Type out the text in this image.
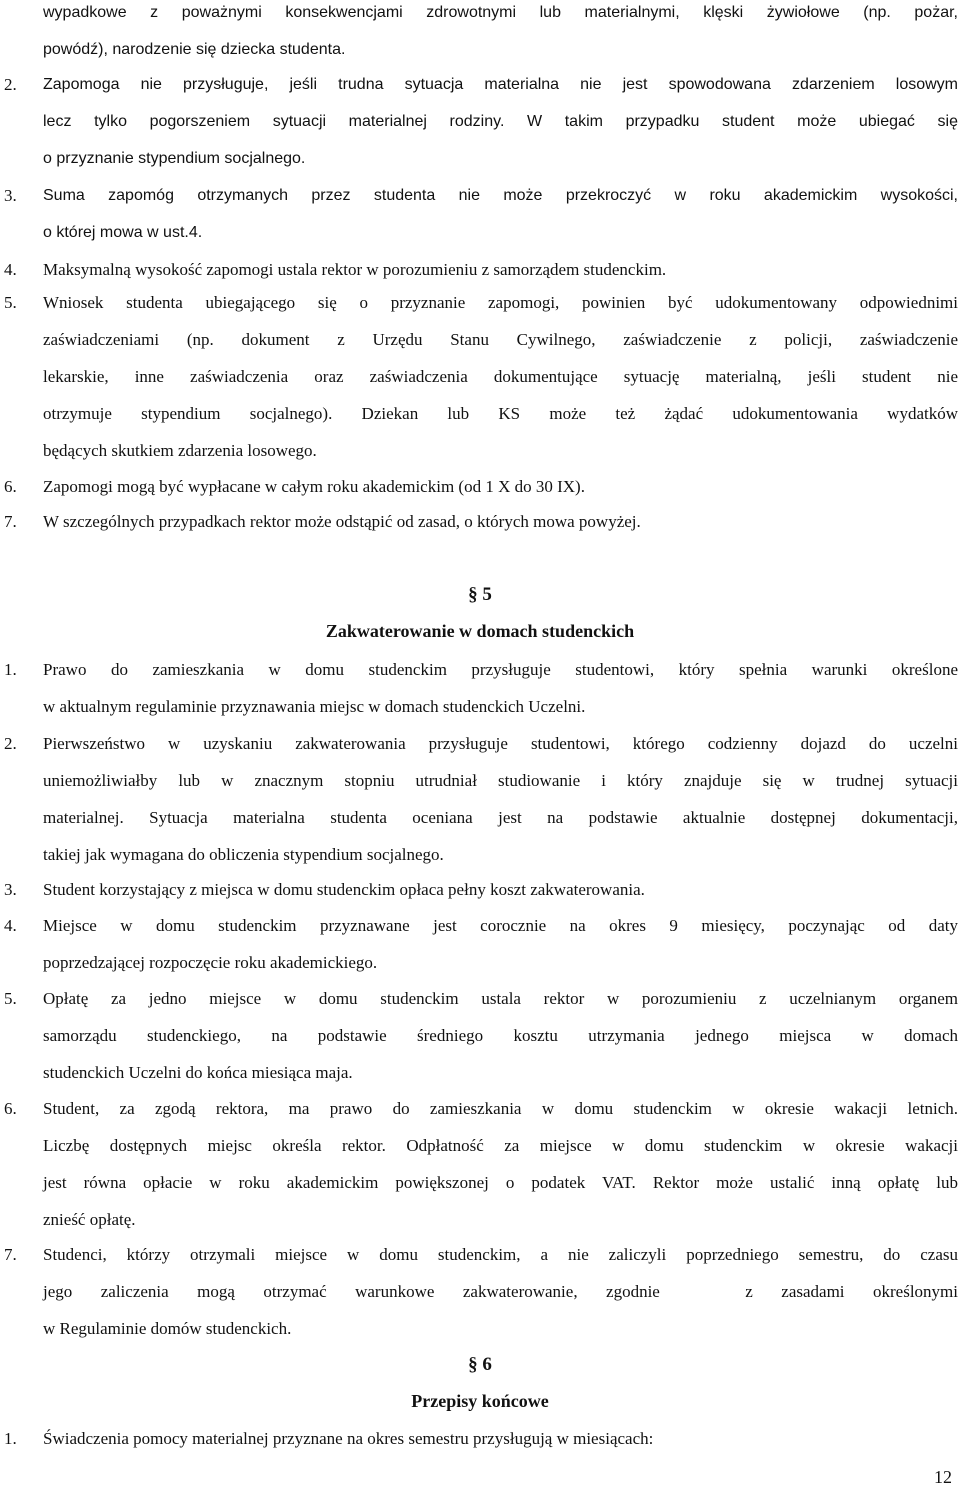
wypadkowe z poważnymi konsekwencjami zdrowotnymi lub materialnymi, klęski żywiołowe (np. pożar,
powódź), narodzenie się dziecka studenta.
2. Zapomoga nie przysługuje, jeśli trudna sytuacja materialna nie jest spowodowana zdarzeniem losowym
lecz tylko pogorszeniem sytuacji materialnej rodziny. W takim przypadku student może ubiegać się
o przyznanie stypendium socjalnego.
3. Suma zapomóg otrzymanych przez studenta nie może przekroczyć w roku akademickim wysokości,
o której mowa w ust.4.
4. Maksymalną wysokość zapomogi ustala rektor w porozumieniu z samorządem studenckim.
5. Wniosek studenta ubiegającego się o przyznanie zapomogi, powinien być udokumentowany odpowiednimi
zaświadczeniami (np. dokument z Urzędu Stanu Cywilnego, zaświadczenie z policji, zaświadczenie
lekarskie, inne zaświadczenia oraz zaświadczenia dokumentujące sytuację materialną, jeśli student nie
otrzymuje stypendium socjalnego). Dziekan lub KS może też żądać udokumentowania wydatków
będących skutkiem zdarzenia losowego.
6. Zapomogi mogą być wypłacane w całym roku akademickim (od 1 X do 30 IX).
7. W szczególnych przypadkach rektor może odstąpić od zasad, o których mowa powyżej.
§ 5
Zakwaterowanie w domach studenckich
1. Prawo do zamieszkania w domu studenckim przysługuje studentowi, który spełnia warunki określone
w aktualnym regulaminie przyznawania miejsc w domach studenckich Uczelni.
2. Pierwszeństwo w uzyskaniu zakwaterowania przysługuje studentowi, którego codzienny dojazd do uczelni
uniemożliwiałby lub w znacznym stopniu utrudniał studiowanie i który znajduje się w trudnej sytuacji
materialnej. Sytuacja materialna studenta oceniana jest na podstawie aktualnie dostępnej dokumentacji,
takiej jak wymagana do obliczenia stypendium socjalnego.
3. Student korzystający z miejsca w domu studenckim opłaca pełny koszt zakwaterowania.
4. Miejsce w domu studenckim przyznawane jest corocznie na okres 9 miesięcy, poczynając od daty
poprzedzającej rozpoczęcie roku akademickiego.
5. Opłatę za jedno miejsce w domu studenckim ustala rektor w porozumieniu z uczelnianym organem
samorządu studenckiego, na podstawie średniego kosztu utrzymania jednego miejsca w domach
studenckich Uczelni do końca miesiąca maja.
6. Student, za zgodą rektora, ma prawo do zamieszkania w domu studenckim w okresie wakacji letnich.
Liczbę dostępnych miejsc określa rektor. Odpłatność za miejsce w domu studenckim w okresie wakacji
jest równa opłacie w roku akademickim powiększonej o podatek VAT. Rektor może ustalić inną opłatę lub
znieść opłatę.
7. Studenci, którzy otrzymali miejsce w domu studenckim, a nie zaliczyli poprzedniego semestru, do czasu
jego zaliczenia mogą otrzymać warunkowe zakwaterowanie, zgodnie   z zasadami określonymi
w Regulaminie domów studenckich.
§ 6
Przepisy końcowe
1. Świadczenia pomocy materialnej przyznane na okres semestru przysługują w miesiącach:
12
